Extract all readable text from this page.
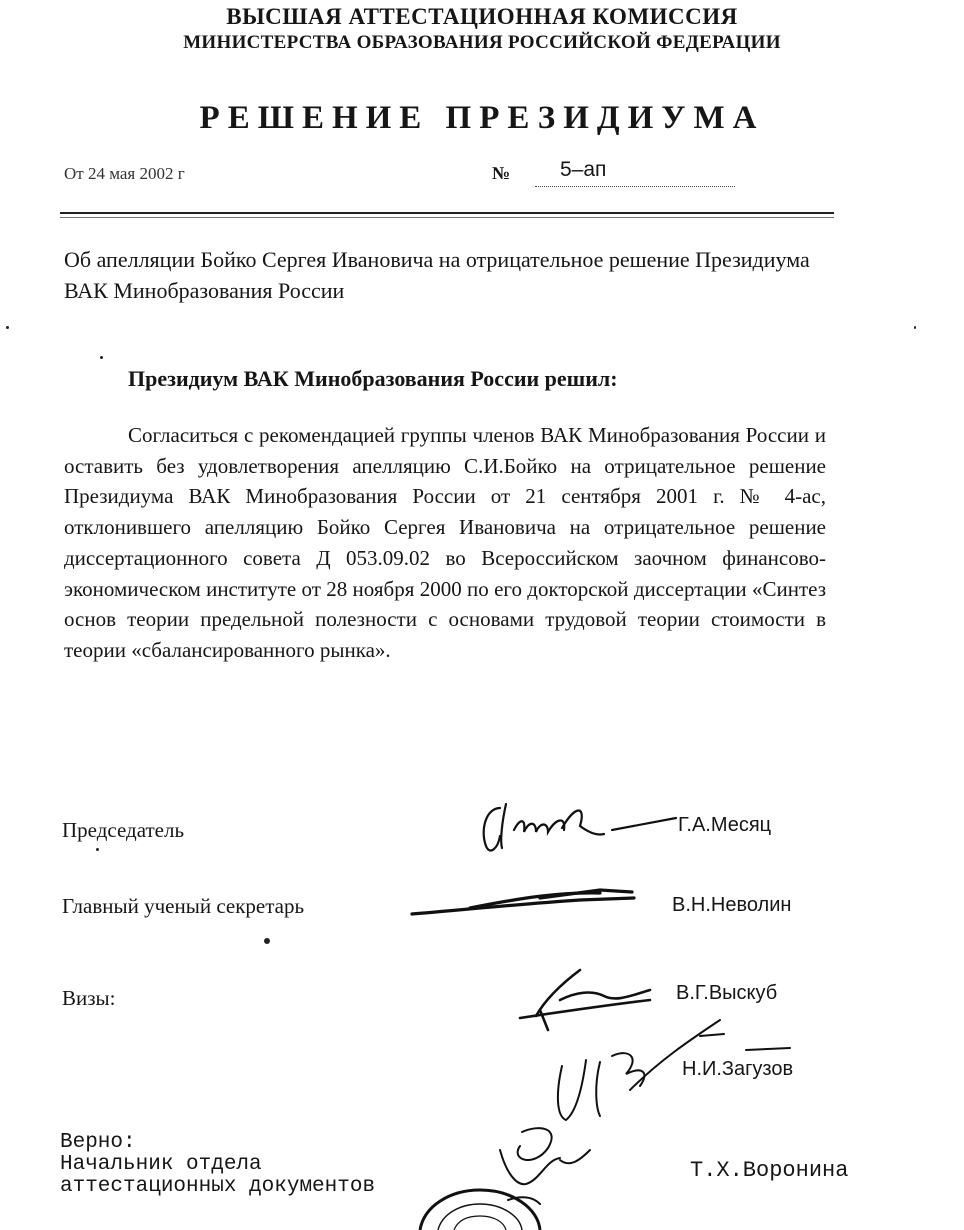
ВЫСШАЯ АТТЕСТАЦИОННАЯ КОМИССИЯ
МИНИСТЕРСТВА ОБРАЗОВАНИЯ РОССИЙСКОЙ ФЕДЕРАЦИИ
РЕШЕНИЕ ПРЕЗИДИУМА
От 24 мая 2002 г	№ 5–ап
Об апелляции Бойко Сергея Ивановича на отрицательное решение Президиума ВАК Минобразования России
Президиум ВАК Минобразования России решил:
Согласиться с рекомендацией группы членов ВАК Минобразования России и оставить без удовлетворения апелляцию С.И.Бойко на отрицательное решение Президиума ВАК Минобразования России от 21 сентября 2001 г. № 4-ас, отклонившего апелляцию Бойко Сергея Ивановича на отрицательное решение диссертационного совета Д 053.09.02 во Всероссийском заочном финансово-экономическом институте от 28 ноября 2000 по его докторской диссертации «Синтез основ теории предельной полезности с основами трудовой теории стоимости в теории «сбалансированного рынка».
Председатель	Г.А.Месяц
Главный ученый секретарь	В.Н.Неволин
Визы:	В.Г.Выскуб
Н.И.Загузов
Верно:
Начальник отдела
аттестационных документов
Т.Х.Воронина
